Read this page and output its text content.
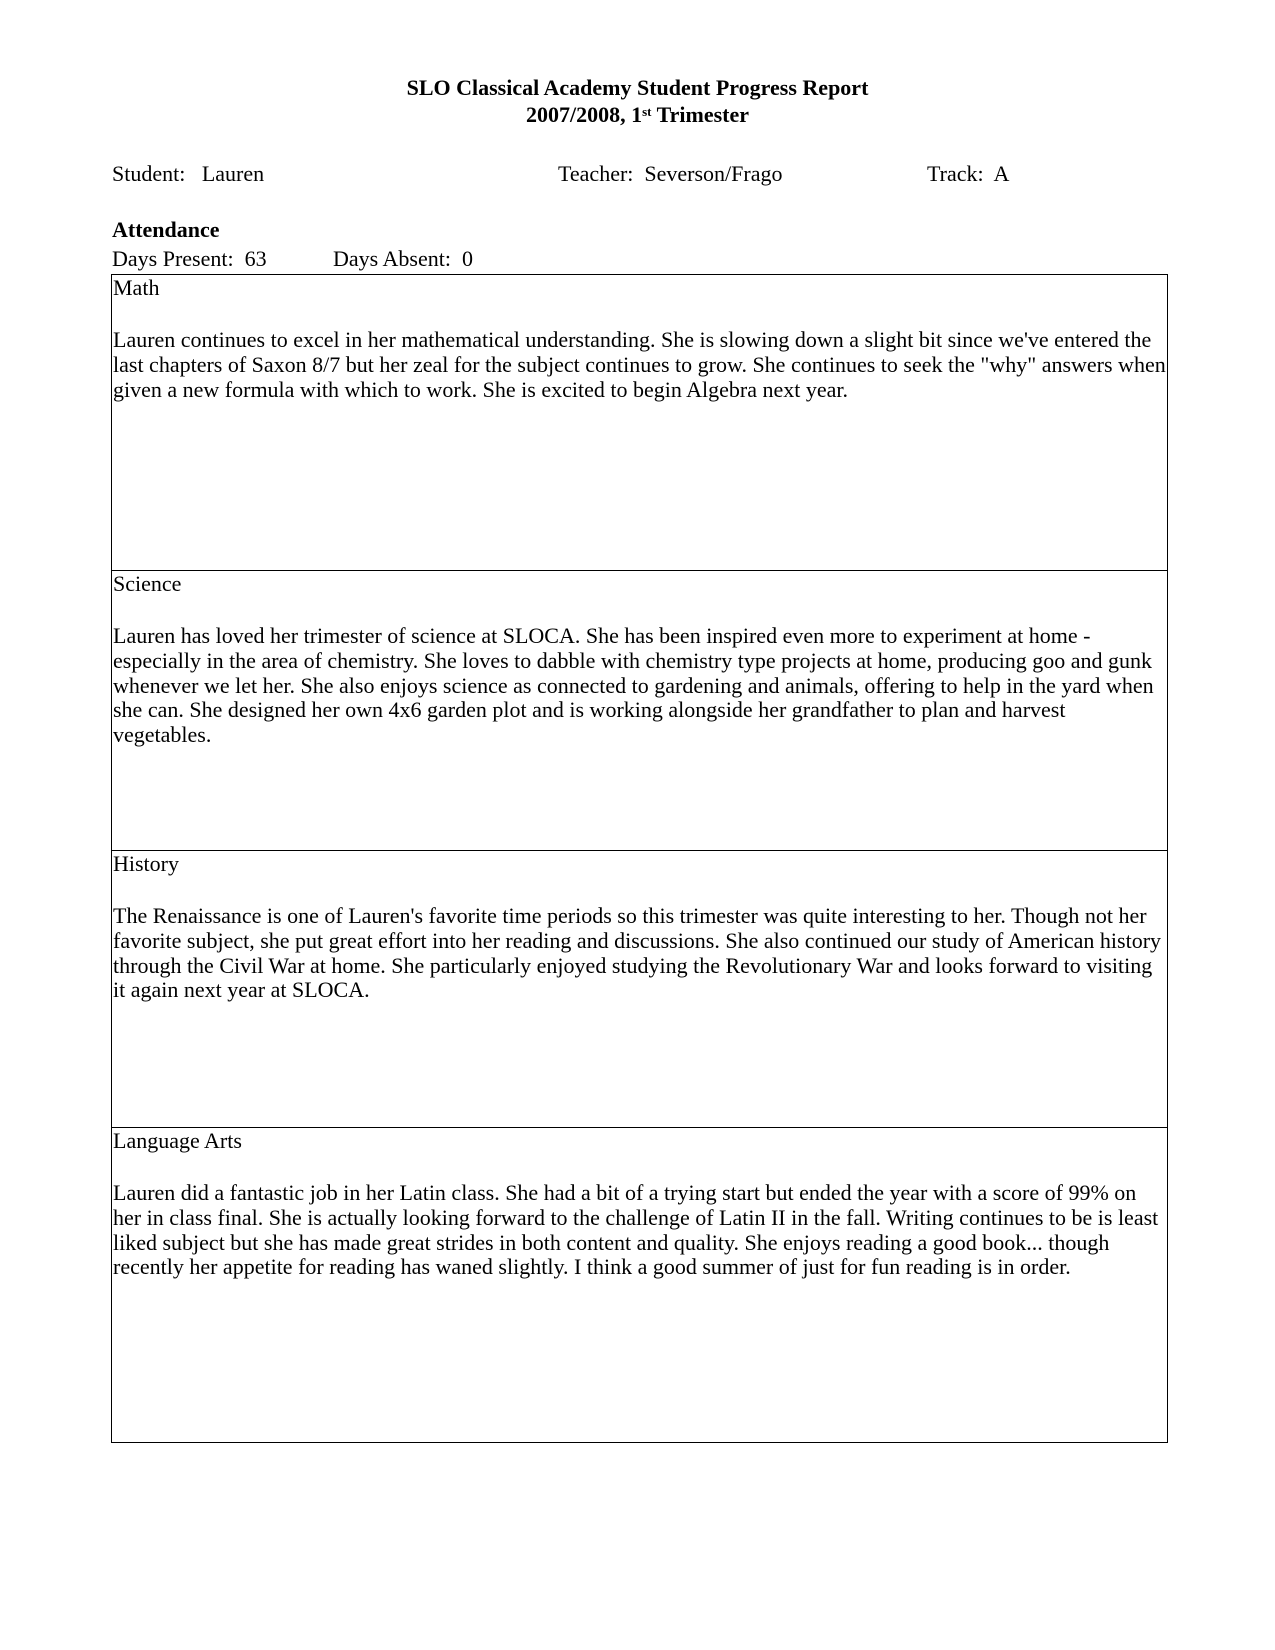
SLO Classical Academy Student Progress Report
2007/2008, 1st Trimester
Student: Lauren	Teacher: Severson/Frago	Track: A
Attendance
Days Present: 63	Days Absent: 0

Math

Lauren continues to excel in her mathematical understanding. She is slowing down a slight bit since we've entered the last chapters of Saxon 8/7 but her zeal for the subject continues to grow. She continues to seek the "why" answers when given a new formula with which to work. She is excited to begin Algebra next year.

Science

Lauren has loved her trimester of science at SLOCA. She has been inspired even more to experiment at home - especially in the area of chemistry. She loves to dabble with chemistry type projects at home, producing goo and gunk whenever we let her. She also enjoys science as connected to gardening and animals, offering to help in the yard when she can. She designed her own 4x6 garden plot and is working alongside her grandfather to plan and harvest vegetables.

History

The Renaissance is one of Lauren's favorite time periods so this trimester was quite interesting to her. Though not her favorite subject, she put great effort into her reading and discussions. She also continued our study of American history through the Civil War at home. She particularly enjoyed studying the Revolutionary War and looks forward to visiting it again next year at SLOCA.

Language Arts

Lauren did a fantastic job in her Latin class. She had a bit of a trying start but ended the year with a score of 99% on her in class final. She is actually looking forward to the challenge of Latin II in the fall. Writing continues to be is least liked subject but she has made great strides in both content and quality. She enjoys reading a good book... though recently her appetite for reading has waned slightly. I think a good summer of just for fun reading is in order.
